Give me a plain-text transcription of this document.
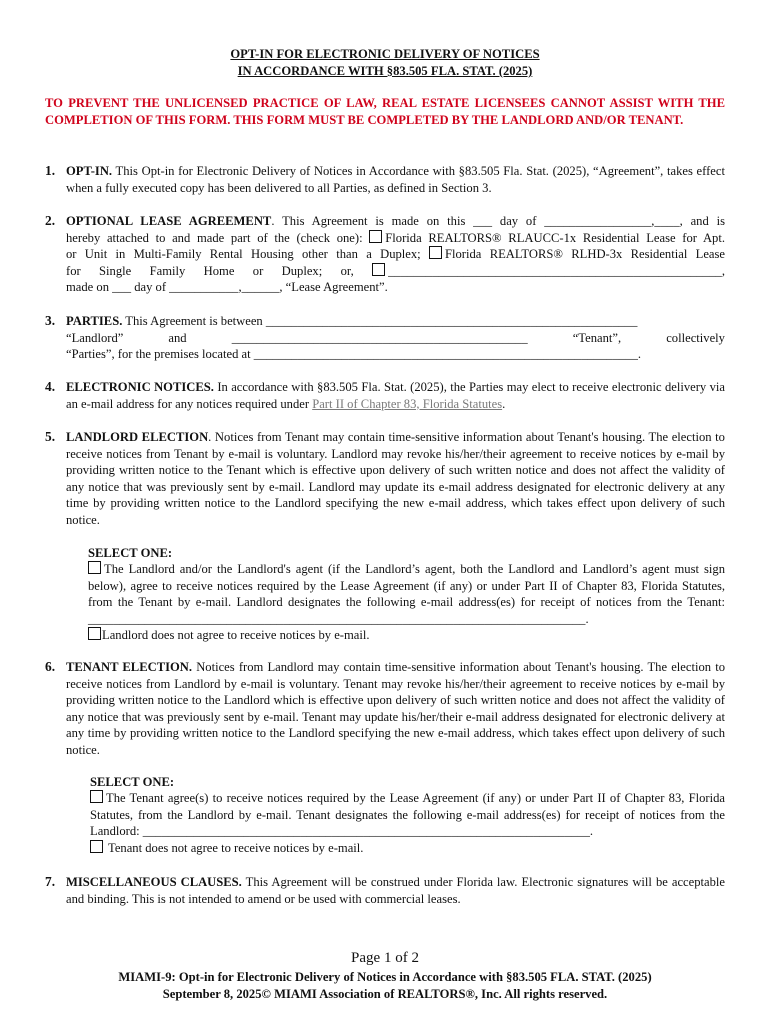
OPT-IN FOR ELECTRONIC DELIVERY OF NOTICES
IN ACCORDANCE WITH §83.505 FLA. STAT. (2025)
TO PREVENT THE UNLICENSED PRACTICE OF LAW, REAL ESTATE LICENSEES CANNOT ASSIST WITH THE COMPLETION OF THIS FORM. THIS FORM MUST BE COMPLETED BY THE LANDLORD AND/OR TENANT.
1. OPT-IN. This Opt-in for Electronic Delivery of Notices in Accordance with §83.505 Fla. Stat. (2025), “Agreement”, takes effect when a fully executed copy has been delivered to all Parties, as defined in Section 3.
2. OPTIONAL LEASE AGREEMENT. This Agreement is made on this ___ day of _________________,____, and is
hereby attached to and made part of the (check one): Florida REALTORS® RLAUCC-1x Residential Lease for Apt.
or Unit in Multi-Family Rental Housing other than a Duplex; Florida REALTORS® RLHD-3x Residential Lease
for Single Family Home or Duplex; or,	_____________________________________________________,
made on ___ day of ___________,______, “Lease Agreement”.
3. PARTIES. This Agreement is between ___________________________________________________________
“Landlord”	and	_______________________________________________	“Tenant”,	collectively
“Parties”, for the premises located at _____________________________________________________________.
4. ELECTRONIC NOTICES. In accordance with §83.505 Fla. Stat. (2025), the Parties may elect to receive electronic delivery via an e-mail address for any notices required under Part II of Chapter 83, Florida Statutes.
5. LANDLORD ELECTION. Notices from Tenant may contain time-sensitive information about Tenant's housing. The election to receive notices from Tenant by e-mail is voluntary. Landlord may revoke his/her/their agreement to receive notices by e-mail by providing written notice to the Tenant which is effective upon delivery of such written notice and does not affect the validity of any notice that was previously sent by e-mail. Landlord may update its e-mail address designated for electronic delivery at any time by providing written notice to the Landlord specifying the new e-mail address, which takes effect upon delivery of such notice.
SELECT ONE:
The Landlord and/or the Landlord's agent (if the Landlord’s agent, both the Landlord and Landlord’s agent must sign below), agree to receive notices required by the Lease Agreement (if any) or under Part II of Chapter 83, Florida Statutes, from the Tenant by e-mail. Landlord designates the following e-mail address(es) for receipt of notices from the Tenant: _______________________________________________________________________________.
Landlord does not agree to receive notices by e-mail.
6. TENANT ELECTION. Notices from Landlord may contain time-sensitive information about Tenant's housing. The election to receive notices from Landlord by e-mail is voluntary. Tenant may revoke his/her/their agreement to receive notices by e-mail by providing written notice to the Landlord which is effective upon delivery of such written notice and does not affect the validity of any notice that was previously sent by e-mail. Tenant may update his/her/their e-mail address designated for electronic delivery at any time by providing written notice to the Landlord specifying the new e-mail address, which takes effect upon delivery of such notice.
SELECT ONE:
The Tenant agree(s) to receive notices required by the Lease Agreement (if any) or under Part II of Chapter 83, Florida Statutes, from the Landlord by e-mail. Tenant designates the following e-mail address(es) for receipt of notices from the Landlord: _______________________________________________________________________.
Tenant does not agree to receive notices by e-mail.
7. MISCELLANEOUS CLAUSES. This Agreement will be construed under Florida law. Electronic signatures will be acceptable and binding. This is not intended to amend or be used with commercial leases.
Page 1 of 2
MIAMI-9: Opt-in for Electronic Delivery of Notices in Accordance with §83.505 FLA. STAT. (2025)
September 8, 2025© MIAMI Association of REALTORS®, Inc. All rights reserved.
